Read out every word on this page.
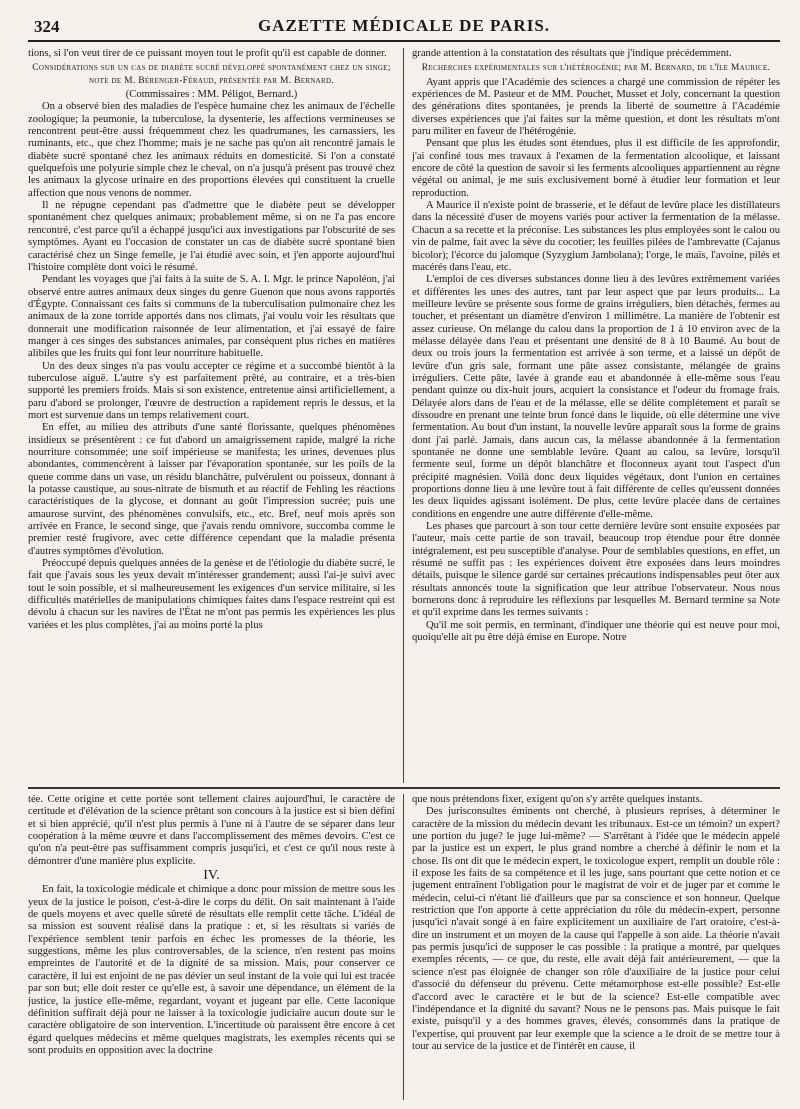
324	GAZETTE MÉDICALE DE PARIS.

tions, si l'on veut tirer de ce puissant moyen tout le profit qu'il est capable de donner.

Considérations sur un cas de diabète sucré développé spontanément chez un singe; note de M. Bérenger-Féraud, présentée par M. Bernard.

(Commissaires : MM. Péligot, Bernard.)

On a observé bien des maladies de l'espèce humaine chez les animaux de l'échelle zoologique; la peumonie, la tuberculose, la dysenterie, les affections vermineuses se rencontrent peut-être aussi fréquemment chez les quadrumanes, les carnassiers, les ruminants, etc., que chez l'homme; mais je ne sache pas qu'on ait rencontré jamais le diabète sucré spontané chez les animaux réduits en domesticité. Si l'on a constaté quelquefois une polyurie simple chez le cheval, on n'a jusqu'à présent pas trouvé chez les animaux la glycose urinaire en des proportions élevées qui constituent la cruelle affection que nous venons de nommer.

Il ne répugne cependant pas d'admettre que le diabète peut se développer spontanément chez quelques animaux; probablement même, si on ne l'a pas encore rencontré, c'est parce qu'il a échappé jusqu'ici aux investigations par l'obscurité de ses symptômes. Ayant eu l'occasion de constater un cas de diabète sucré spontané bien caractérisé chez un Singe femelle, je l'ai étudié avec soin, et j'en apporte aujourd'hui l'histoire complète dont voici le résumé.

Pendant les voyages que j'ai faits à la suite de S. A. I. Mgr. le prince Napoléon, j'ai observé entre autres animaux deux singes du genre Guenon que nous avons rapportés d'Égypte. Connaissant ces faits si communs de la tuberculisation pulmonaire chez les animaux de la zone torride apportés dans nos climats, j'ai voulu voir les résultats que donnerait une modification raisonnée de leur alimentation, et j'ai essayé de faire manger à ces singes des substances animales, par conséquent plus riches en matières alibiles que les fruits qui font leur nourriture habituelle.

Un des deux singes n'a pas voulu accepter ce régime et a succombé bientôt à la tuberculose aiguë. L'autre s'y est parfaitement prêté, au contraire, et a très-bien supporté les premiers froids. Mais si son existence, entretenue ainsi artificiellement, a paru d'abord se prolonger, l'œuvre de destruction a rapidement repris le dessus, et la mort est survenue dans un temps relativement court.

En effet, au milieu des attributs d'une santé florissante, quelques phénomènes insidieux se présentèrent : ce fut d'abord un amaigrissement rapide, malgré la riche nourriture consommée; une soif impérieuse se manifesta; les urines, devenues plus abondantes, commencèrent à laisser par l'évaporation spontanée, sur les poils de la queue comme dans un vase, un résidu blanchâtre, pulvérulent ou poisseux, donnant à la potasse caustique, au sous-nitrate de bismuth et au réactif de Fehling les réactions caractéristiques de la glycose, et donnant au goût l'impression sucrée; puis une amaurose survint, des phénomènes convulsifs, etc., etc. Bref, neuf mois après son arrivée en France, le second singe, que j'avais rendu omnivore, succomba comme le premier resté frugivore, avec cette différence cependant que la maladie présenta d'autres symptômes d'évolution.

Préoccupé depuis quelques années de la genèse et de l'étiologie du diabète sucré, le fait que j'avais sous les yeux devait m'intéresser grandement; aussi l'ai-je suivi avec tout le soin possible, et si malheureusement les exigences d'un service militaire, si les difficultés matérielles de manipulations chimiques faites dans l'espace restreint qui est dévolu à chacun sur les navires de l'État ne m'ont pas permis les expériences les plus variées et les plus complètes, j'ai au moins porté la plus

grande attention à la constatation des résultats que j'indique précédemment.

Recherches expérimentales sur l'hétérogénie; par M. Bernard, de l'île Maurice.

Ayant appris que l'Académie des sciences a chargé une commission de répéter les expériences de M. Pasteur et de MM. Pouchet, Musset et Joly, concernant la question des générations dites spontanées, je prends la liberté de soumettre à l'Académie diverses expériences que j'ai faites sur la même question, et dont les résultats m'ont paru militer en faveur de l'hétérogénie.

Pensant que plus les études sont étendues, plus il est difficile de les approfondir, j'ai confiné tous mes travaux à l'examen de la fermentation alcoolique, et laissant encore de côté la question de savoir si les ferments alcooliques appartiennent au règne végétal ou animal, je me suis exclusivement borné à étudier leur formation et leur reproduction.

A Maurice il n'existe point de brasserie, et le défaut de levûre place les distillateurs dans la nécessité d'user de moyens variés pour activer la fermentation de la mélasse. Chacun a sa recette et la préconise. Les substances les plus employées sont le calou ou vin de palme, fait avec la sève du cocotier; les feuilles pilées de l'ambrevatte (Cajanus bicolor); l'écorce du jalomque (Syzygium Jambolana); l'orge, le maïs, l'avoine, pilés et macérés dans l'eau, etc.

L'emploi de ces diverses substances donne lieu à des levûres extrêmement variées et différentes les unes des autres, tant par leur aspect que par leurs produits... La meilleure levûre se présente sous forme de grains irréguliers, bien détachés, fermes au toucher, et présentant un diamètre d'environ 1 millimètre. La manière de l'obtenir est assez curieuse. On mélange du calou dans la proportion de 1 à 10 environ avec de la mélasse délayée dans l'eau et présentant une densité de 8 à 10 Baumé. Au bout de deux ou trois jours la fermentation est arrivée à son terme, et a laissé un dépôt de levûre d'un gris sale, formant une pâte assez consistante, mélangée de grains irréguliers. Cette pâte, lavée à grande eau et abandonnée à elle-même sous l'eau pendant quinze ou dix-huit jours, acquiert la consistance et l'odeur du fromage frais. Délayée alors dans de l'eau et de la mélasse, elle se délite complétement et paraît se dissoudre en prenant une teinte brun foncé dans le liquide, où elle détermine une vive fermentation. Au bout d'un instant, la nouvelle levûre apparaît sous la forme de grains dont j'ai parlé. Jamais, dans aucun cas, la mélasse abandonnée à la fermentation spontanée ne donne une semblable levûre. Quant au calou, sa levûre, lorsqu'il fermente seul, forme un dépôt blanchâtre et floconneux ayant tout l'aspect d'un précipité magnésien. Voilà donc deux liquides végétaux, dont l'union en certaines proportions donne lieu à une levûre tout à fait différente de celles qu'eussent données les deux liquides agissant isolément. De plus, cette levûre placée dans de certaines conditions en engendre une autre différente d'elle-même.

Les phases que parcourt à son tour cette dernière levûre sont ensuite exposées par l'auteur, mais cette partie de son travail, beaucoup trop étendue pour être donnée intégralement, est peu susceptible d'analyse. Pour de semblables questions, en effet, un résumé ne suffit pas : les expériences doivent être exposées dans leurs moindres détails, puisque le silence gardé sur certaines précautions indispensables peut ôter aux résultats annoncés toute la signification que leur attribue l'observateur. Nous nous bornerons donc à reproduire les réflexions par lesquelles M. Bernard termine sa Note et qu'il exprime dans les termes suivants :

Qu'il me soit permis, en terminant, d'indiquer une théorie qui est neuve pour moi, quoiqu'elle ait pu être déjà émise en Europe. Notre

tée. Cette origine et cette portée sont tellement claires aujourd'hui, le caractère de certitude et d'élévation de la science prêtant son concours à la justice est si bien défini et si bien apprécié, qu'il n'est plus permis à l'une ni à l'autre de se séparer dans leur coopération à la même œuvre et dans l'accomplissement des mêmes devoirs. C'est ce qu'on n'a peut-être pas suffisamment compris jusqu'ici, et c'est ce qu'il nous reste à démontrer d'une manière plus explicite.

IV.

En fait, la toxicologie médicale et chimique a donc pour mission de mettre sous les yeux de la justice le poison, c'est-à-dire le corps du délit. On sait maintenant à l'aide de quels moyens et avec quelle sûreté de résultats elle remplit cette tâche. L'idéal de sa mission est souvent réalisé dans la pratique : et, si les résultats si variés de l'expérience semblent tenir parfois en échec les promesses de la théorie, les suggestions, même les plus controversables, de la science, n'en restent pas moins empreintes de l'autorité et de la dignité de sa mission. Mais, pour conserver ce caractère, il lui est enjoint de ne pas dévier un seul instant de la voie qui lui est tracée par son but; elle doit rester ce qu'elle est, à savoir une dépendance, un élément de la justice, la justice elle-même, regardant, voyant et jugeant par elle. Cette laconique définition suffirait déjà pour ne laisser à la toxicologie judiciaire aucun doute sur le caractère obligatoire de son intervention. L'incertitude où paraissent être encore à cet égard quelques médecins et même quelques magistrats, les exemples récents qui se sont produits en opposition avec la doctrine

que nous prétendons fixer, exigent qu'on s'y arrête quelques instants.

Des jurisconsultes éminents ont cherché, à plusieurs reprises, à déterminer le caractère de la mission du médecin devant les tribunaux. Est-ce un témoin? un expert? une portion du juge? le juge lui-même? — S'arrêtant à l'idée que le médecin appelé par la justice est un expert, le plus grand nombre a cherché à définir le nom et la chose. Ils ont dit que le médecin expert, le toxicologue expert, remplit un double rôle : il expose les faits de sa compétence et il les juge, sans pourtant que cette notion et ce jugement entraînent l'obligation pour le magistrat de voir et de juger par et comme le médecin, celui-ci n'étant lié d'ailleurs que par sa conscience et son honneur. Quelque restriction que l'on apporte à cette appréciation du rôle du médecin-expert, personne jusqu'ici n'avait songé à en faire explicitement un auxiliaire de l'art oratoire, c'est-à-dire un instrument et un moyen de la cause qui l'appelle à son aide. La théorie n'avait pas permis jusqu'ici de supposer le cas possible : la pratique a montré, par quelques exemples récents, — ce que, du reste, elle avait déjà fait antérieurement, — que la science n'est pas éloignée de changer son rôle d'auxiliaire de la justice pour celui d'associé du défenseur du prévenu. Cette métamorphose est-elle possible? Est-elle d'accord avec le caractère et le but de la science? Est-elle compatible avec l'indépendance et la dignité du savant? Nous ne le pensons pas. Mais puisque le fait existe, puisqu'il y a des hommes graves, élevés, consommés dans la pratique de l'expertise, qui prouvent par leur exemple que la science a le droit de se mettre tour à tour au service de la justice et de l'intérêt en cause, il
